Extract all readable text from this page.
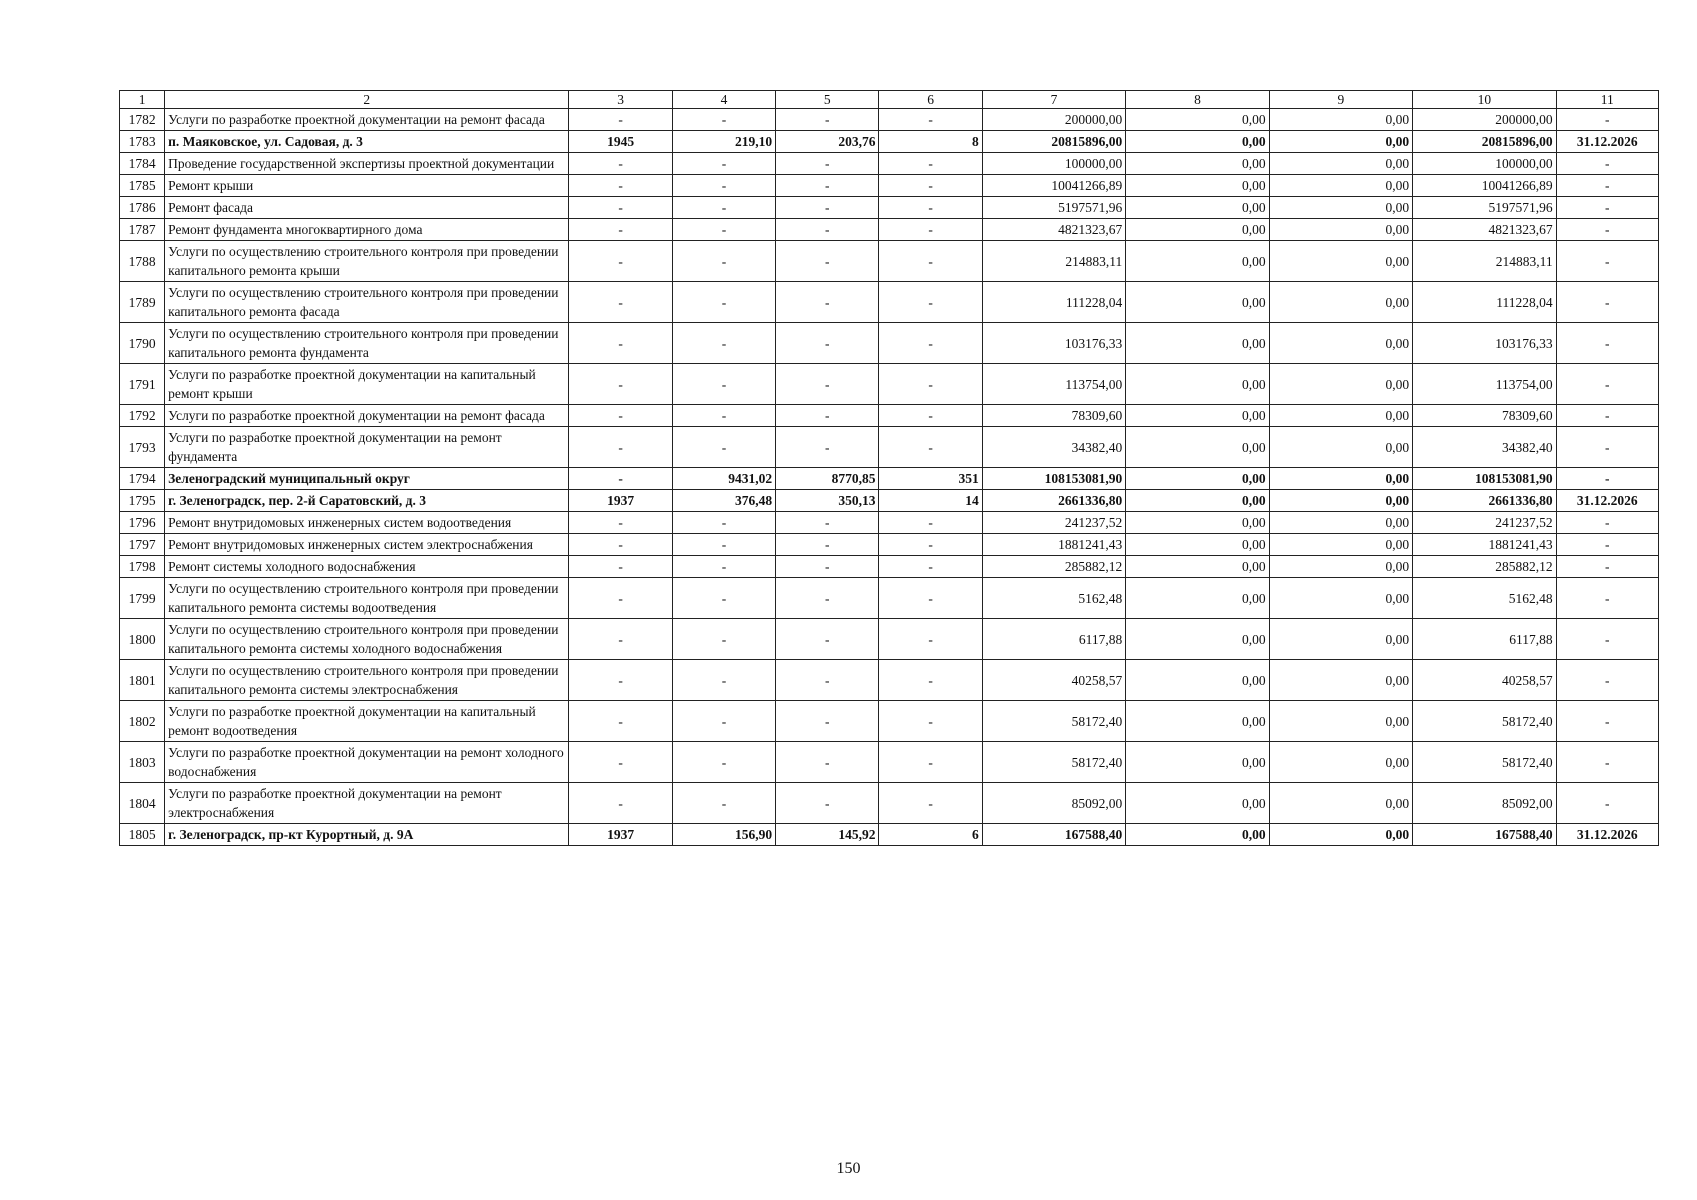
1	2	3	4	5	6	7	8	9	10	11
1782	Услуги по разработке проектной документации на ремонт фасада	-	-	-	-	200000,00	0,00	0,00	200000,00	-
1783	п. Маяковское, ул. Садовая, д. 3	1945	219,10	203,76	8	20815896,00	0,00	0,00	20815896,00	31.12.2026
1784	Проведение государственной экспертизы проектной документации	-	-	-	-	100000,00	0,00	0,00	100000,00	-
1785	Ремонт крыши	-	-	-	-	10041266,89	0,00	0,00	10041266,89	-
1786	Ремонт фасада	-	-	-	-	5197571,96	0,00	0,00	5197571,96	-
1787	Ремонт фундамента многоквартирного дома	-	-	-	-	4821323,67	0,00	0,00	4821323,67	-
1788	Услуги по осуществлению строительного контроля при проведении капитального ремонта крыши	-	-	-	-	214883,11	0,00	0,00	214883,11	-
1789	Услуги по осуществлению строительного контроля при проведении капитального ремонта фасада	-	-	-	-	111228,04	0,00	0,00	111228,04	-
1790	Услуги по осуществлению строительного контроля при проведении капитального ремонта фундамента	-	-	-	-	103176,33	0,00	0,00	103176,33	-
1791	Услуги по разработке проектной документации на капитальный ремонт крыши	-	-	-	-	113754,00	0,00	0,00	113754,00	-
1792	Услуги по разработке проектной документации на ремонт фасада	-	-	-	-	78309,60	0,00	0,00	78309,60	-
1793	Услуги по разработке проектной документации на ремонт фундамента	-	-	-	-	34382,40	0,00	0,00	34382,40	-
1794	Зеленоградский муниципальный округ	-	9431,02	8770,85	351	108153081,90	0,00	0,00	108153081,90	-
1795	г. Зеленоградск, пер. 2-й Саратовский, д. 3	1937	376,48	350,13	14	2661336,80	0,00	0,00	2661336,80	31.12.2026
1796	Ремонт внутридомовых инженерных систем водоотведения	-	-	-	-	241237,52	0,00	0,00	241237,52	-
1797	Ремонт внутридомовых инженерных систем электроснабжения	-	-	-	-	1881241,43	0,00	0,00	1881241,43	-
1798	Ремонт системы холодного водоснабжения	-	-	-	-	285882,12	0,00	0,00	285882,12	-
1799	Услуги по осуществлению строительного контроля при проведении капитального ремонта системы водоотведения	-	-	-	-	5162,48	0,00	0,00	5162,48	-
1800	Услуги по осуществлению строительного контроля при проведении капитального ремонта системы холодного водоснабжения	-	-	-	-	6117,88	0,00	0,00	6117,88	-
1801	Услуги по осуществлению строительного контроля при проведении капитального ремонта системы электроснабжения	-	-	-	-	40258,57	0,00	0,00	40258,57	-
1802	Услуги по разработке проектной документации на капитальный ремонт водоотведения	-	-	-	-	58172,40	0,00	0,00	58172,40	-
1803	Услуги по разработке проектной документации на ремонт холодного водоснабжения	-	-	-	-	58172,40	0,00	0,00	58172,40	-
1804	Услуги по разработке проектной документации на ремонт электроснабжения	-	-	-	-	85092,00	0,00	0,00	85092,00	-
1805	г. Зеленоградск, пр-кт Курортный, д. 9А	1937	156,90	145,92	6	167588,40	0,00	0,00	167588,40	31.12.2026
150
